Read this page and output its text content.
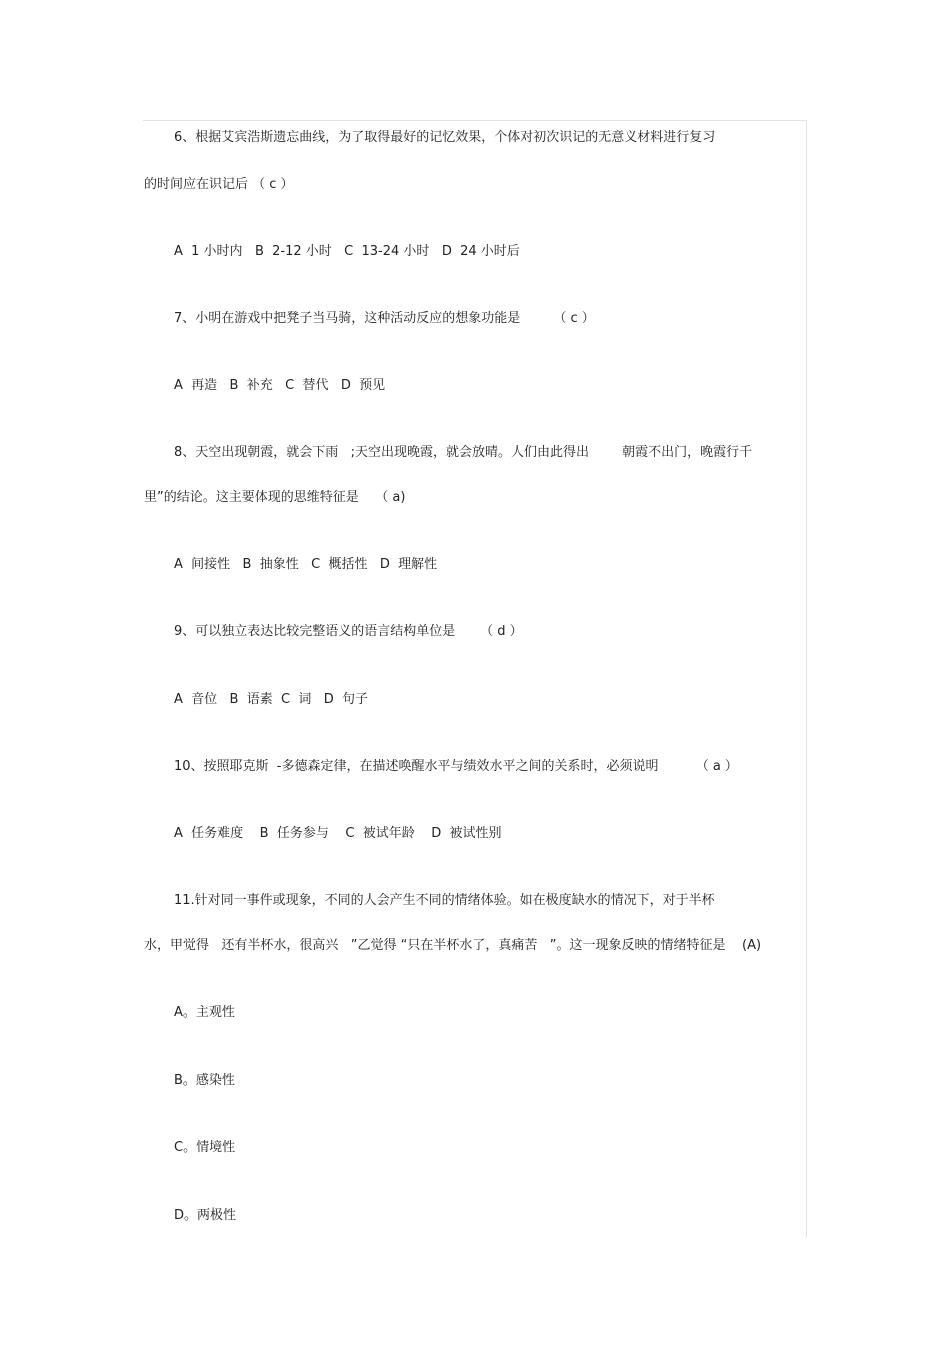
6、根据艾宾浩斯遗忘曲线，为了取得最好的记忆效果，个体对初次识记的无意义材料进行复习
的时间应在识记后 （ c ）
A  1 小时内   B  2-12 小时   C  13-24 小时   D  24 小时后
7、小明在游戏中把凳子当马骑，这种活动反应的想象功能是        （ c ）
A  再造   B  补充   C  替代   D  预见
8、天空出现朝霞，就会下雨   ;天空出现晚霞，就会放晴。人们由此得出        朝霞不出门，晚霞行千
里”的结论。这主要体现的思维特征是    （ a)
A  间接性   B  抽象性   C  概括性   D  理解性
9、可以独立表达比较完整语义的语言结构单位是      （ d ）
A  音位   B  语素  C  词   D  句子
10、按照耶克斯  -多德森定律，在描述唤醒水平与绩效水平之间的关系时，必须说明         （ a ）
A  任务难度    B  任务参与    C  被试年龄    D  被试性别
11.针对同一事件或现象，不同的人会产生不同的情绪体验。如在极度缺水的情况下，对于半杯
水，甲觉得   还有半杯水，很高兴   ”乙觉得 “只在半杯水了，真痛苦   ”。这一现象反映的情绪特征是    (A)
A。主观性
B。感染性
C。情境性
D。两极性
